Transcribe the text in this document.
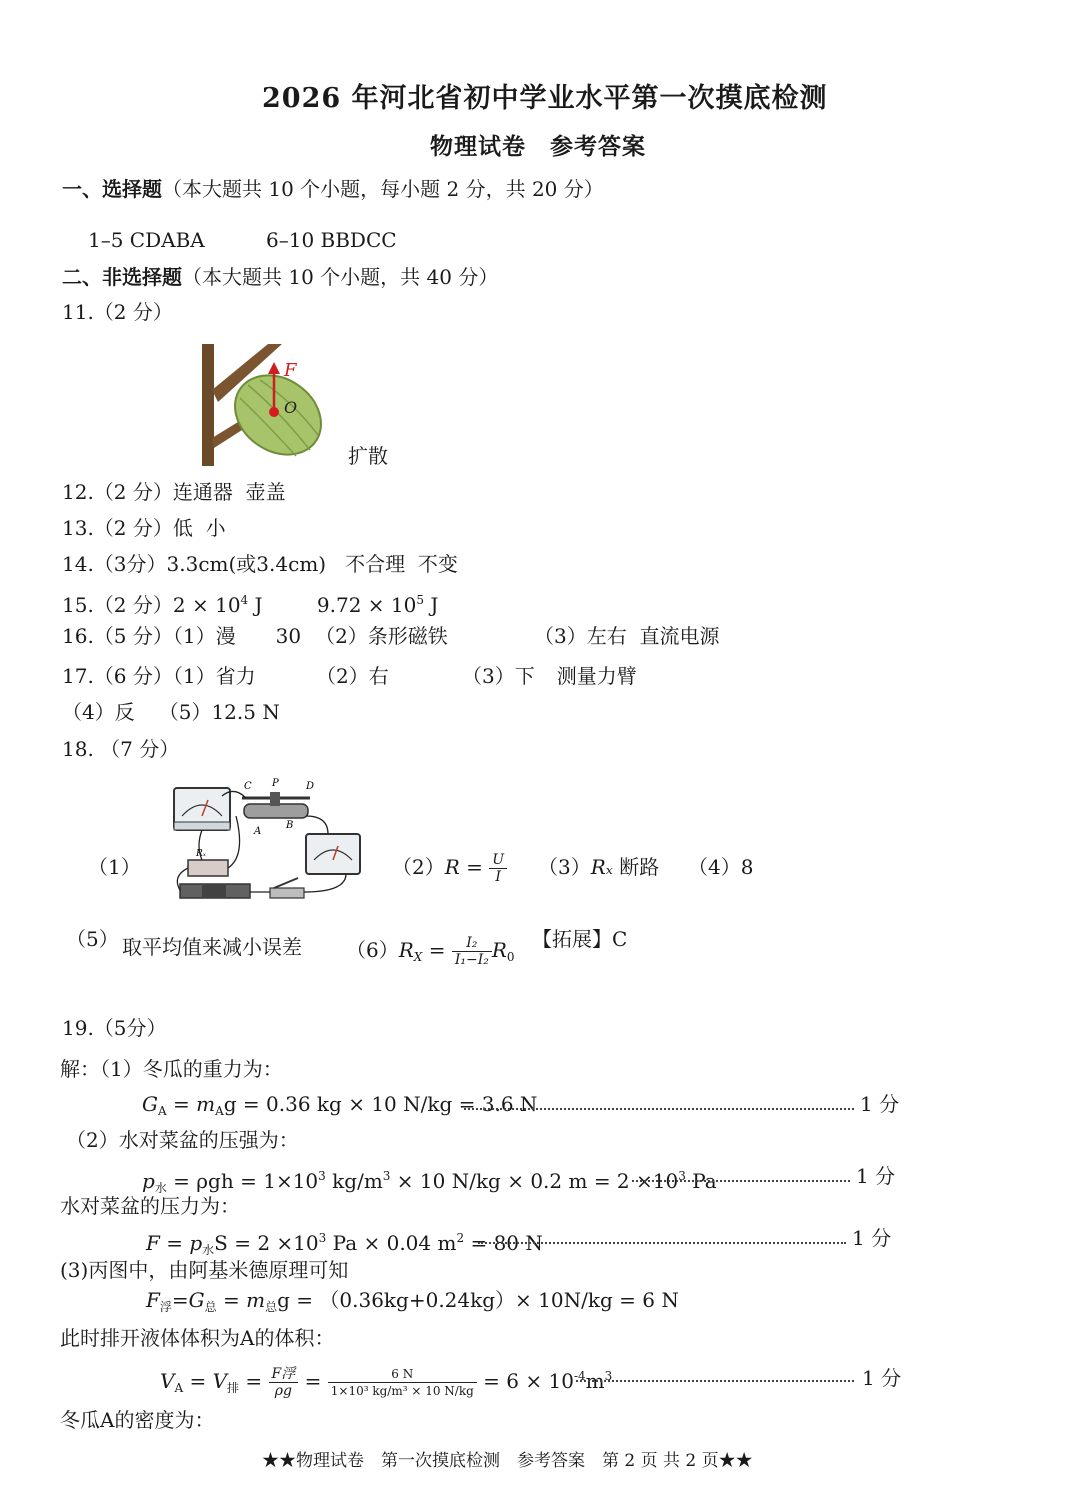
2026 年河北省初中学业水平第一次摸底检测
物理试卷　参考答案
一、选择题（本大题共 10 个小题，每小题 2 分，共 20 分）
1–5 CDABA	6–10 BBDCC
二、非选择题（本大题共 10 个小题，共 40 分）
11.（2 分）
F
O
扩散
12.（2 分）连通器 壶盖
13.（2 分）低 小
14.（3分）3.3cm(或3.4cm) 不合理 不变
15.（2 分）$2 \times 10^4$ J	$9.72 \times 10^5$ J
16.（5 分）（1）漫 30 （2）条形磁铁	（3）左右 直流电源
17.（6 分）（1）省力	（2）右	（3）下 测量力臂
（4）反 （5）12.5 N
18. （7 分）
（1）
C P	D
A
B
Rₓ
$(2)R = \frac{U}{I} (3)R_x$ 断路 （4）8
（5） 取平均值来减小误差 $(6)R_X = \frac{\text{I₂}}{\text{I₁−I₂}} R_0$
【拓展】C
19.（5分）
解：（1）冬瓜的重力为：
$G_A = m_Ag = 0.36$ kg × 10 N/kg = 3.6 N	1 分
（2）水对菜盆的压强为：
$p_水 = \rho gh = 1\times 10^3$ $kg/m^3 \times 10$ N/kg × 0.2 $m = 2 \times 10^3$ Pa	1 分
水对菜盆的压力为：
$F = p_水S = 2 \times 10^3$ Pa × 0.04 $m^2 = 80$ N	1 分
(3)丙图中，由阿基米德原理可知
$F_浮=G_总 = m_总g = (0.36kg+0.24kg)\times 10N/kg = 6$ N
此时排开液体体积为A的体积：
$V_A = V_排 = \frac{\text{F浮}}{\rho g} = \frac{6 N}{\text{1×10³ kg/m³ × 10 N/kg}} = 6 \times 10^{-4}m^3$	1 分
冬瓜A的密度为：
★★物理试卷　第一次摸底检测　参考答案　第 2 页 共 2 页★★
